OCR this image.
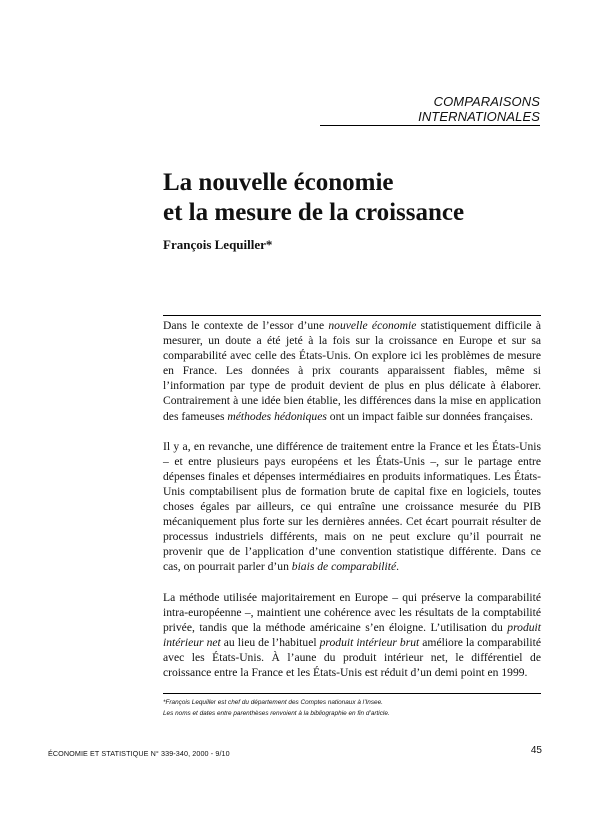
COMPARAISONS INTERNATIONALES
La nouvelle économie
et la mesure de la croissance
François Lequiller*

Dans le contexte de l’essor d’une nouvelle économie statistiquement difficile à mesurer, un doute a été jeté à la fois sur la croissance en Europe et sur sa comparabilité avec celle des États-Unis. On explore ici les problèmes de mesure en France. Les données à prix courants apparaissent fiables, même si l’information par type de produit devient de plus en plus délicate à élaborer. Contrairement à une idée bien établie, les différences dans la mise en application des fameuses méthodes hédoniques ont un impact faible sur données françaises.

Il y a, en revanche, une différence de traitement entre la France et les États-Unis – et entre plusieurs pays européens et les États-Unis –, sur le partage entre dépenses finales et dépenses intermédiaires en produits informatiques. Les États-Unis comptabilisent plus de formation brute de capital fixe en logiciels, toutes choses égales par ailleurs, ce qui entraîne une croissance mesurée du PIB mécaniquement plus forte sur les dernières années. Cet écart pourrait résulter de processus industriels différents, mais on ne peut exclure qu’il pourrait ne provenir que de l’application d’une convention statistique différente. Dans ce cas, on pourrait parler d’un biais de comparabilité.

La méthode utilisée majoritairement en Europe – qui préserve la comparabilité intra-européenne –, maintient une cohérence avec les résultats de la comptabilité privée, tandis que la méthode américaine s’en éloigne. L’utilisation du produit intérieur net au lieu de l’habituel produit intérieur brut améliore la comparabilité avec les États-Unis. À l’aune du produit intérieur net, le différentiel de croissance entre la France et les États-Unis est réduit d’un demi point en 1999.

*François Lequiller est chef du département des Comptes nationaux à l’Insee.
Les noms et dates entre parenthèses renvoient à la bibliographie en fin d’article.
ÉCONOMIE ET STATISTIQUE N° 339-340, 2000 - 9/10	45
